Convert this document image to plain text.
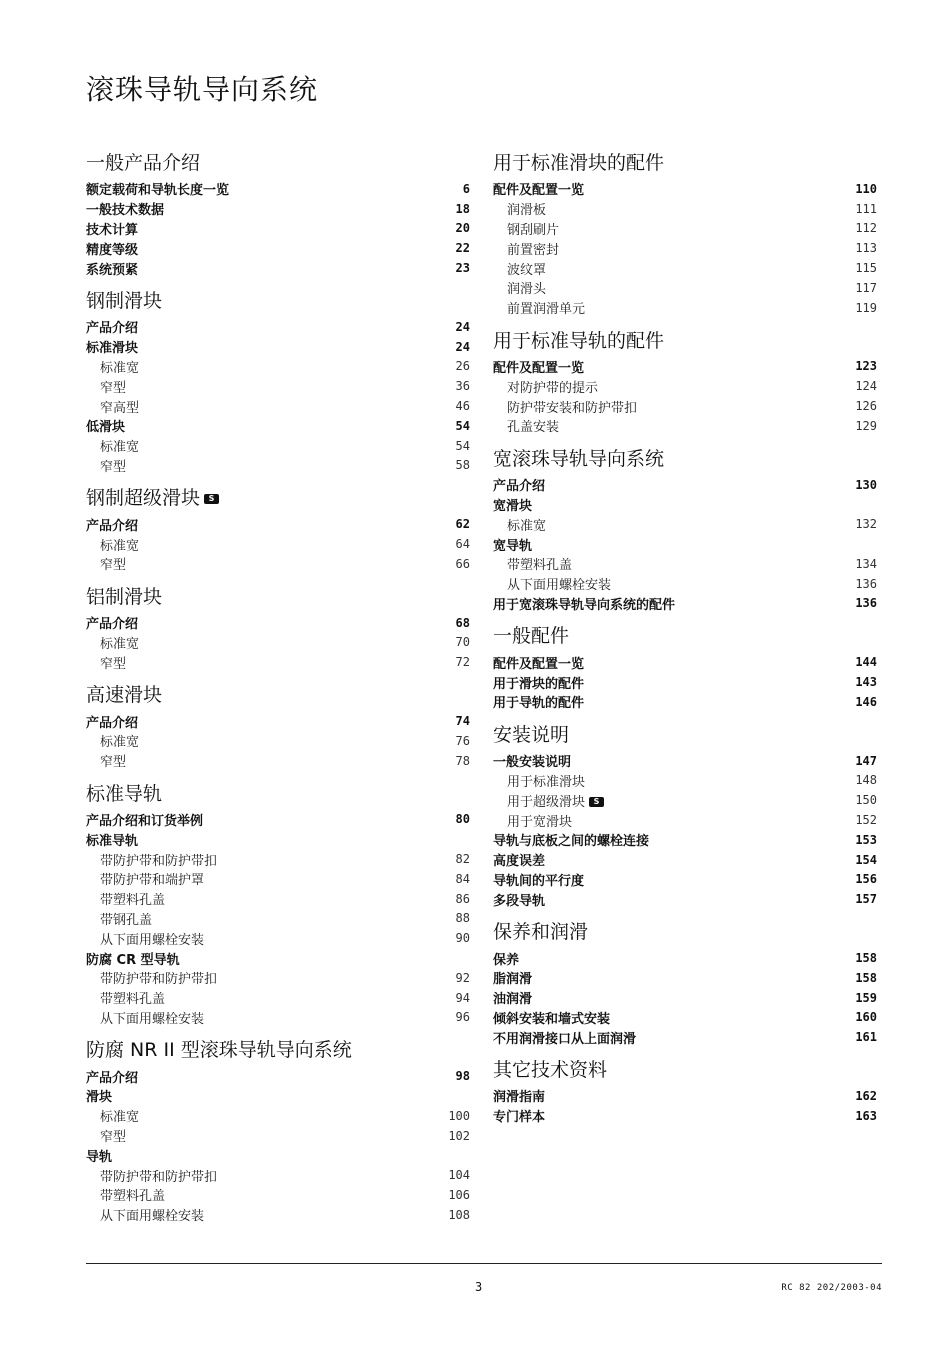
滚珠导轨导向系统
一般产品介绍
额定载荷和导轨长度一览	6
一般技术数据	18
技术计算	20
精度等级	22
系统预紧	23
钢制滑块
产品介绍	24
标准滑块	24
标准宽	26
窄型	36
窄高型	46
低滑块	54
标准宽	54
窄型	58
钢制超级滑块 S
产品介绍	62
标准宽	64
窄型	66
铝制滑块
产品介绍	68
标准宽	70
窄型	72
高速滑块
产品介绍	74
标准宽	76
窄型	78
标准导轨
产品介绍和订货举例	80
标准导轨
带防护带和防护带扣	82
带防护带和端护罩	84
带塑料孔盖	86
带钢孔盖	88
从下面用螺栓安装	90
防腐 CR 型导轨
带防护带和防护带扣	92
带塑料孔盖	94
从下面用螺栓安装	96
防腐 NR II 型滚珠导轨导向系统
产品介绍	98
滑块
标准宽	100
窄型	102
导轨
带防护带和防护带扣	104
带塑料孔盖	106
从下面用螺栓安装	108
用于标准滑块的配件
配件及配置一览	110
润滑板	111
钢刮刷片	112
前置密封	113
波纹罩	115
润滑头	117
前置润滑单元	119
用于标准导轨的配件
配件及配置一览	123
对防护带的提示	124
防护带安装和防护带扣	126
孔盖安装	129
宽滚珠导轨导向系统
产品介绍	130
宽滑块
标准宽	132
宽导轨
带塑料孔盖	134
从下面用螺栓安装	136
用于宽滚珠导轨导向系统的配件	136
一般配件
配件及配置一览	144
用于滑块的配件	143
用于导轨的配件	146
安装说明
一般安装说明	147
用于标准滑块	148
用于超级滑块 S	150
用于宽滑块	152
导轨与底板之间的螺栓连接	153
高度误差	154
导轨间的平行度	156
多段导轨	157
保养和润滑
保养	158
脂润滑	158
油润滑	159
倾斜安装和墙式安装	160
不用润滑接口从上面润滑	161
其它技术资料
润滑指南	162
专门样本	163
3	RC 82 202/2003-04
